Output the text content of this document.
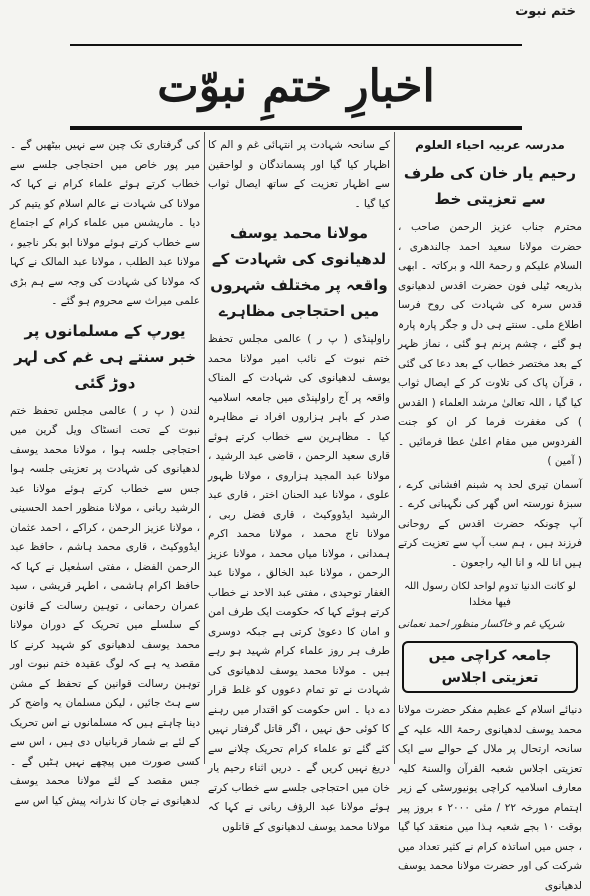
ختم نبوت
اخبارِ ختمِ نبوّت
مدرسہ عربیہ احیاء العلوم
رحیم یار خان کی طرف سے تعزیتی خط

محترم جناب عزیز الرحمن صاحب ، حضرت مولانا سعید احمد جالندھری ، السلام علیکم و رحمۃ اللہ و برکاتہ ۔ ابھی بذریعہ ٹیلی فون حضرت اقدس لدھیانوی قدس سرہ کی شہادت کی روح فرسا اطلاع ملی۔ سنتے ہی دل و جگر پارہ پارہ ہو گئے ، چشم پرنم ہو گئی ، نماز ظہر کے بعد مختصر خطاب کے بعد دعا کی گئی ، قرآن پاک کی تلاوت کر کے ایصال ثواب کیا گیا ، اللہ تعالیٰ مرشد العلماء ( القدس ) کی مغفرت فرما کر ان کو جنت الفردوس میں مقام اعلیٰ عطا فرمائیں ۔ ( آمین )

آسمان تیری لحد پہ شبنم افشانی کرے ، سبزۂ نورستہ اس گھر کی نگہبانی کرے ۔ آپ چونکہ حضرت اقدس کے روحانی فرزند ہیں ، ہم سب آپ سے تعزیت کرتے ہیں انا للہ و انا الیہ راجعون ۔

لو کانت الدنیا تدوم لواحد لکان رسول اللہ فیھا مخلدا
شریکِ غم و خاکسار منظور احمد نعمانی
جامعہ کراچی میں تعزیتی اجلاس

دنیائے اسلام کے عظیم مفکر حضرت مولانا محمد یوسف لدھیانوی رحمۃ اللہ علیہ کے سانحہ ارتحال پر ملال کے حوالے سے ایک تعزیتی اجلاس شعبہ القرآن والسنۃ کلیہ معارف اسلامیہ کراچی یونیورسٹی کے زیر اہتمام مورخہ ۲۲ / مئی ۲۰۰۰ ء بروز پیر بوقت ۱۰ بجے شعبہ ہذا میں منعقد کیا گیا ، جس میں اساتذہ کرام نے کثیر تعداد میں شرکت کی اور حضرت مولانا محمد یوسف لدھیانوی

کے سانحہ شہادت پر انتہائی غم و الم کا اظہار کیا گیا اور پسماندگان و لواحقین سے اظہار تعزیت کے ساتھ ایصال ثواب کیا گیا ۔

مولانا محمد یوسف لدھیانوی کی شہادت کے واقعہ پر مختلف شہروں میں احتجاجی مظاہرے

راولپنڈی ( پ ر ) عالمی مجلس تحفظ ختم نبوت کے نائب امیر مولانا محمد یوسف لدھیانوی کی شہادت کے المناک واقعہ پر آج راولپنڈی میں جامعہ اسلامیہ صدر کے باہر ہزاروں افراد نے مظاہرہ کیا ۔ مظاہرین سے خطاب کرتے ہوئے قاری سعید الرحمن ، قاضی عبد الرشید ، مولانا عبد المجید ہزاروی ، مولانا ظہور علوی ، مولانا عبد الحنان اختر ، قاری عبد الرشید ایڈووکیٹ ، قاری فضل ربی ، مولانا تاج محمد ، مولانا محمد اکرم ہمدانی ، مولانا میاں محمد ، مولانا عزیز الرحمن ، مولانا عبد الخالق ، مولانا عبد الغفار توحیدی ، مفتی عبد الاحد نے خطاب کرتے ہوئے کہا کہ حکومت ایک طرف امن و امان کا دعویٰ کرتی ہے جبکہ دوسری طرف ہر روز علماء کرام شہید ہو رہے ہیں ۔ مولانا محمد یوسف لدھیانوی کی شہادت نے تو تمام دعووں کو غلط قرار دے دیا ۔ اس حکومت کو اقتدار میں رہنے کا کوئی حق نہیں ، اگر قاتل گرفتار نہیں کئے گئے تو علماء کرام تحریک چلانے سے دریغ نہیں کریں گے ۔ دریں اثناء رحیم یار خان میں احتجاجی جلسے سے خطاب کرتے ہوئے مولانا عبد الرؤف ربانی نے کہا کہ مولانا محمد یوسف لدھیانوی کے قاتلوں

کی گرفتاری تک چین سے نہیں بیٹھیں گے ۔ میر پور خاص میں احتجاجی جلسے سے خطاب کرتے ہوئے علماء کرام نے کہا کہ مولانا کی شہادت نے عالم اسلام کو یتیم کر دیا ۔ ماریشس میں علماء کرام کے اجتماع سے خطاب کرتے ہوئے مولانا ابو بکر ناجیو ، مولانا عبد الطلب ، مولانا عبد المالک نے کہا کہ مولانا کی شہادت کی وجہ سے ہم بڑی علمی میراث سے محروم ہو گئے ۔

یورپ کے مسلمانوں پر خبر سنتے ہی غم کی لہر دوڑ گئی

لندن ( پ ر ) عالمی مجلس تحفظ ختم نبوت کے تحت انسٹاک ویل گرین میں احتجاجی جلسہ ہوا ، مولانا محمد یوسف لدھیانوی کی شہادت پر تعزیتی جلسہ ہوا جس سے خطاب کرتے ہوئے مولانا عبد الرشید ربانی ، مولانا منظور احمد الحسینی ، مولانا عزیز الرحمن ، کراکے ، احمد عثمان ایڈووکیٹ ، قاری محمد ہاشم ، حافظ عبد الرحمن الفضل ، مفتی اسمٰعیل نے کہا کہ حافظ اکرام ہاشمی ، اطہر قریشی ، سید عمران رحمانی ، توہین رسالت کے قانون کے سلسلے میں تحریک کے دوران مولانا محمد یوسف لدھیانوی کو شہید کرنے کا مقصد یہ ہے کہ لوگ عقیدہ ختم نبوت اور توہین رسالت قوانین کے تحفظ کے مشن سے ہٹ جائیں ، لیکن مسلمان یہ واضح کر دینا چاہتے ہیں کہ مسلمانوں نے اس تحریک کے لئے بے شمار قربانیاں دی ہیں ، اس سے کسی صورت میں پیچھے نہیں ہٹیں گے ۔ جس مقصد کے لئے مولانا محمد یوسف لدھیانوی نے جان کا نذرانہ پیش کیا اس سے
